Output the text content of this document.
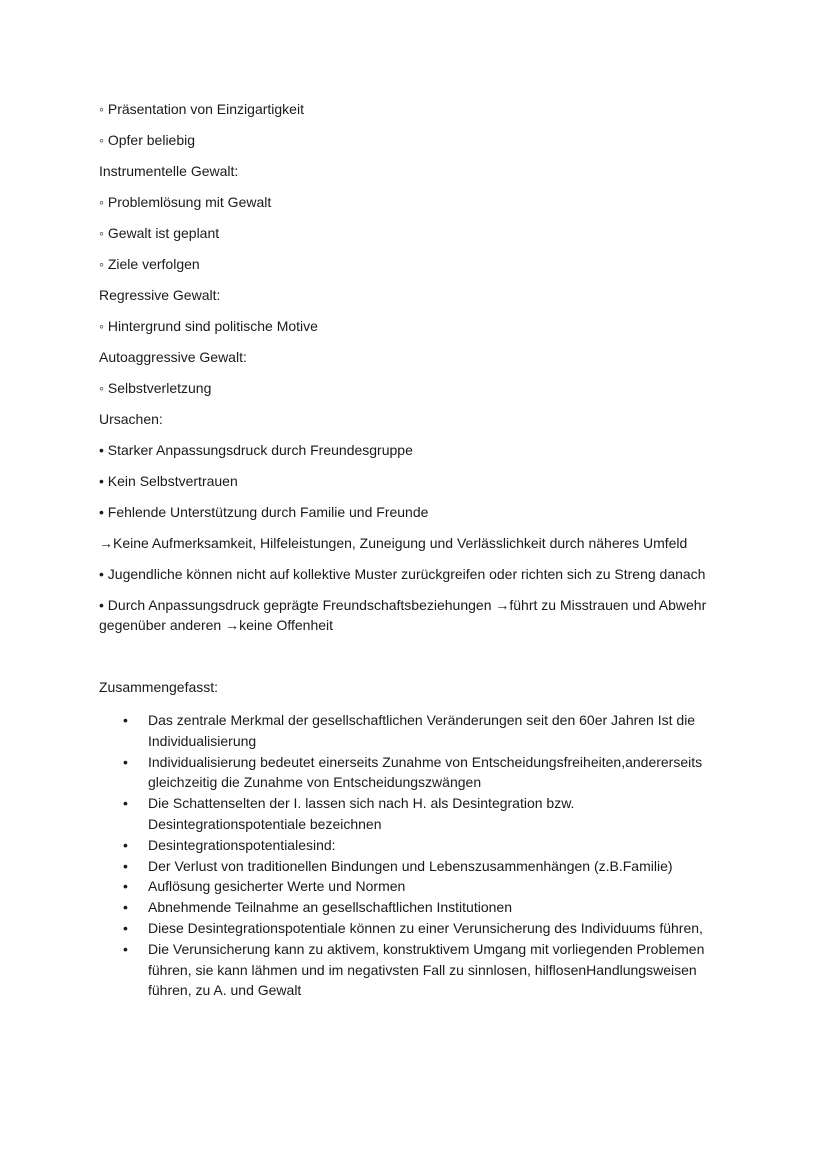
◦ Präsentation von Einzigartigkeit
◦ Opfer beliebig
Instrumentelle Gewalt:
◦ Problemlösung mit Gewalt
◦ Gewalt ist geplant
◦ Ziele verfolgen
Regressive Gewalt:
◦ Hintergrund sind politische Motive
Autoaggressive Gewalt:
◦ Selbstverletzung
Ursachen:
• Starker Anpassungsdruck durch Freundesgruppe
• Kein Selbstvertrauen
• Fehlende Unterstützung durch Familie und Freunde
→Keine Aufmerksamkeit, Hilfeleistungen, Zuneigung und Verlässlichkeit durch näheres Umfeld
• Jugendliche können nicht auf kollektive Muster zurückgreifen oder richten sich zu Streng danach
• Durch Anpassungsdruck geprägte Freundschaftsbeziehungen →führt zu Misstrauen und Abwehr gegenüber anderen →keine Offenheit
Zusammengefasst:
• Das zentrale Merkmal der gesellschaftlichen Veränderungen seit den 60er Jahren Ist die Individualisierung
• Individualisierung bedeutet einerseits Zunahme von Entscheidungsfreiheiten,andererseits gleichzeitig die Zunahme von Entscheidungszwängen
• Die Schattenselten der I. lassen sich nach H. als Desintegration bzw. Desintegrationspotentiale bezeichnen
• Desintegrationspotentialesind:
• Der Verlust von traditionellen Bindungen und Lebenszusammenhängen (z.B.Familie)
• Auflösung gesicherter Werte und Normen
• Abnehmende Teilnahme an gesellschaftlichen Institutionen
• Diese Desintegrationspotentiale können zu einer Verunsicherung des Individuums führen,
• Die Verunsicherung kann zu aktivem, konstruktivem Umgang mit vorliegenden Problemen führen, sie kann lähmen und im negativsten Fall zu sinnlosen, hilflosenHandlungsweisen führen, zu A. und Gewalt
